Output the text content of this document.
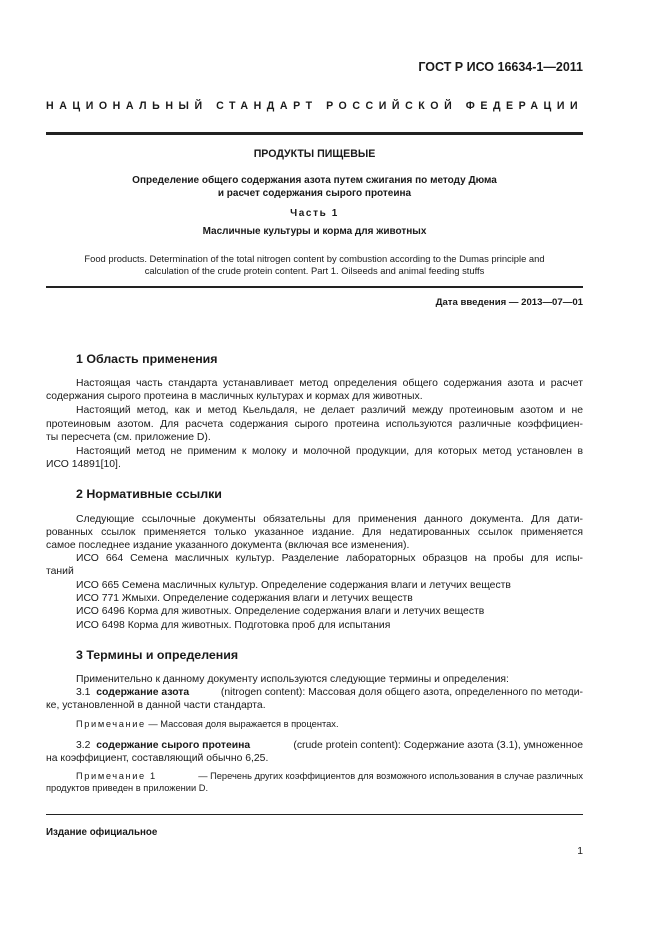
ГОСТ Р ИСО 16634-1—2011
НАЦИОНАЛЬНЫЙ СТАНДАРТ РОССИЙСКОЙ ФЕДЕРАЦИИ
ПРОДУКТЫ ПИЩЕВЫЕ
Определение общего содержания азота путем сжигания по методу Дюма
и расчет содержания сырого протеина
Часть 1
Масличные культуры и корма для животных
Food products. Determination of the total nitrogen content by combustion according to the Dumas principle and
calculation of the crude protein content. Part 1. Oilseeds and animal feeding stuffs
Дата введения — 2013—07—01
1 Область применения
Настоящая часть стандарта устанавливает метод определения общего содержания азота и расчет
содержания сырого протеина в масличных культурах и кормах для животных.
Настоящий метод, как и метод Кьельдаля, не делает различий между протеиновым азотом и не
протеиновым азотом. Для расчета содержания сырого протеина используются различные коэффициен-
ты пересчета (см. приложение D).
Настоящий метод не применим к молоку и молочной продукции, для которых метод установлен в
ИСО 14891[10].
2 Нормативные ссылки
Следующие ссылочные документы обязательны для применения данного документа. Для дати-
рованных ссылок применяется только указанное издание. Для недатированных ссылок применяется
самое последнее издание указанного документа (включая все изменения).
ИСО 664 Семена масличных культур. Разделение лабораторных образцов на пробы для испы-
таний
ИСО 665 Семена масличных культур. Определение содержания влаги и летучих веществ
ИСО 771 Жмыхи. Определение содержания влаги и летучих веществ
ИСО 6496 Корма для животных. Определение содержания влаги и летучих веществ
ИСО 6498 Корма для животных. Подготовка проб для испытания
3 Термины и определения
Применительно к данному документу используются следующие термины и определения:
3.1 содержание азота	(nitrogen content): Массовая доля общего азота, определенного по методи-
ке, установленной в данной части стандарта.
Примечание — Массовая доля выражается в процентах.
3.2 содержание сырого протеина	(crude protein content): Содержание азота (3.1), умноженное
на коэффициент, составляющий обычно 6,25.
Примечание 1	— Перечень других коэффициентов для возможного использования в случае различных
продуктов приведен в приложении D.
Издание официальное
1
